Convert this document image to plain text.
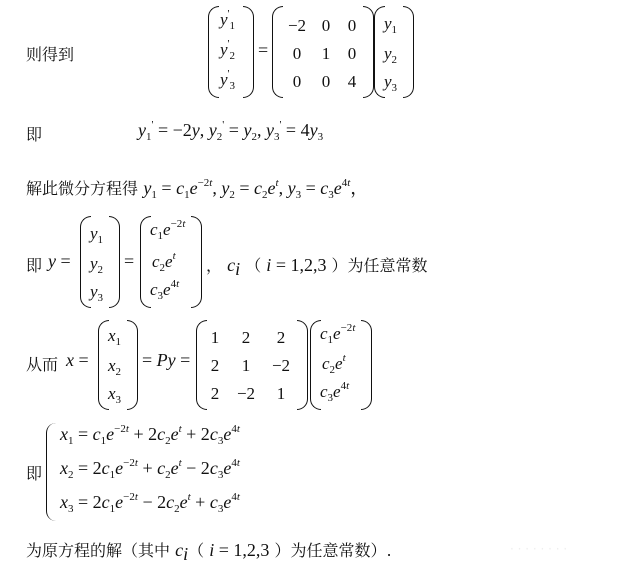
则得到
$y'_1$
$y'_2$
$y'_3$
=
−2 0	0
0	1	0
0	0	4
$y_1$
$y_2$
$y_3$
即	$y_1' = -2y$, $y_2' = y_2$, $y_3' = 4y_3$
解此微分方程得 $y_1 = c_1e^{-2t}$, $y_2 = c_2e^t$, $y_3 = c_3e^{4t}$，
即 y =
$y_1$
$y_2$
$y_3$
=
$c_1e^{-2t}$
$c_2e^t$
$c_3e^{4t}$
， $c_i$ （ i = 1,2,3 ）为任意常数
从而 x =
$x_1$
$x_2$
$x_3$
= Py =
1	2	2
2	1	−2
2	−2	1
$c_1e^{-2t}$
$c_2e^t$
$c_3e^{4t}$
即
$x_1 = c_1e^{-2t} + 2c_2e^t + 2c_3e^{4t}$
$x_2 = 2c_1e^{-2t} + c_2e^t - 2c_3e^{4t}$
$x_3 = 2c_1e^{-2t} - 2c_2e^t + c_3e^{4t}$
为原方程的解（其中 $c_i$（ i = 1,2,3 ）为任意常数）.	· · · · · · · ·
